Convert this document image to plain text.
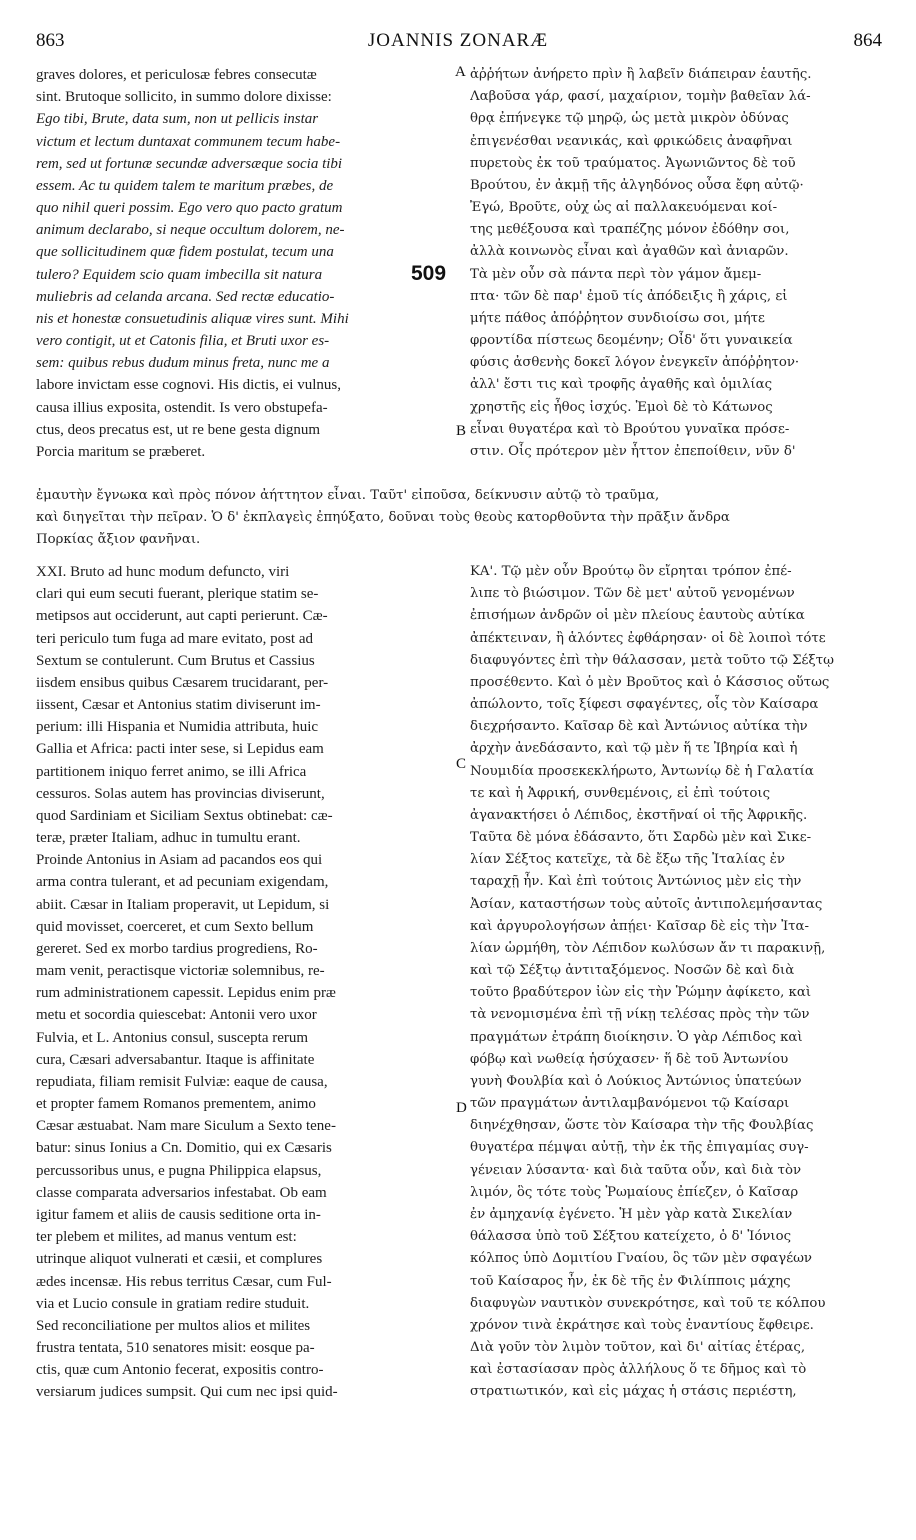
863	JOANNIS ZONARÆ	864
graves dolores, et periculosæ febres consecutæ
sint. Brutoque sollicito, in summo dolore dixisse:
Ego tibi, Brute, data sum, non ut pellicis instar
victum et lectum duntaxat communem tecum habe-
rem, sed ut fortunæ secundæ adversæque socia tibi
essem. Ac tu quidem talem te maritum præbes, de
quo nihil queri possim. Ego vero quo pacto gratum
animum declarabo, si neque occultum dolorem, ne-
que sollicitudinem quæ fidem postulat, tecum una
tulero? Equidem scio quam imbecilla sit natura
muliebris ad celanda arcana. Sed rectæ educatio-
nis et honestæ consuetudinis aliquæ vires sunt. Mihi
vero contigit, ut et Catonis filia, et Bruti uxor es-
sem: quibus rebus dudum minus freta, nunc me a
labore invictam esse cognovi. His dictis, ei vulnus,
causa illius exposita, ostendit. Is vero obstupefa-
ctus, deos precatus est, ut re bene gesta dignum
Porcia maritum se præberet.
ἀῤῥήτων ἀνήρετο πρὶν ἢ λαβεῖν διάπειραν ἑαυτῆς.
Λαβοῦσα γάρ, φασί, μαχαίριον, τομὴν βαθεῖαν λά-
θρᾳ ἐπήνεγκε τῷ μηρῷ, ὡς μετὰ μικρὸν ὀδύνας
ἐπιγενέσθαι νεανικάς, καὶ φρικώδεις ἀναφῆναι
πυρετοὺς ἐκ τοῦ τραύματος. Ἀγωνιῶντος δὲ τοῦ
Βρούτου, ἐν ἀκμῇ τῆς ἀλγηδόνος οὖσα ἔφη αὐτῷ·
Ἐγώ, Βροῦτε, οὐχ ὡς αἱ παλλακευόμεναι κοί-
της μεθέξουσα καὶ τραπέζης μόνον ἐδόθην σοι,
ἀλλὰ κοινωνὸς εἶναι καὶ ἀγαθῶν καὶ ἀνιαρῶν.
Τὰ μὲν οὖν σὰ πάντα περὶ τὸν γάμον ἄμεμ-
πτα· τῶν δὲ παρ' ἐμοῦ τίς ἀπόδειξις ἢ χάρις, εἰ
μήτε πάθος ἀπόῤῥητον συνδιοίσω σοι, μήτε
φροντίδα πίστεως δεομένην; Οἶδ' ὅτι γυναικεία
φύσις ἀσθενὴς δοκεῖ λόγον ἐνεγκεῖν ἀπόῤῥητον·
ἀλλ' ἔστι τις καὶ τροφῆς ἀγαθῆς καὶ ὁμιλίας
χρηστῆς εἰς ἦθος ἰσχύς. Ἐμοὶ δὲ τὸ Κάτωνος
εἶναι θυγατέρα καὶ τὸ Βρούτου γυναῖκα πρόσε-
στιν. Οἷς πρότερον μὲν ἧττον ἐπεποίθειν, νῦν δ'
ἐμαυτὴν ἔγνωκα καὶ πρὸς πόνον ἀήττητον εἶναι. Ταῦτ' εἰποῦσα, δείκνυσιν αὐτῷ τὸ τραῦμα,
καὶ διηγεῖται τὴν πεῖραν. Ὁ δ' ἐκπλαγεὶς ἐπηύξατο, δοῦναι τοὺς θεοὺς κατορθοῦντα τὴν πρᾶξιν ἄνδρα
Πορκίας ἄξιον φανῆναι.
XXI. Bruto ad hunc modum defuncto, viri
clari qui eum secuti fuerant, plerique statim se-
metipsos aut occiderunt, aut capti perierunt. Cæ-
teri periculo tum fuga ad mare evitato, post ad
Sextum se contulerunt. Cum Brutus et Cassius
iisdem ensibus quibus Cæsarem trucidarant, per-
iissent, Cæsar et Antonius statim diviserunt im-
perium: illi Hispania et Numidia attributa, huic
Gallia et Africa: pacti inter sese, si Lepidus eam
partitionem iniquo ferret animo, se illi Africa
cessuros. Solas autem has provincias diviserunt,
quod Sardiniam et Siciliam Sextus obtinebat: cæ-
teræ, præter Italiam, adhuc in tumultu erant.
Proinde Antonius in Asiam ad pacandos eos qui
arma contra tulerant, et ad pecuniam exigendam,
abiit. Cæsar in Italiam properavit, ut Lepidum, si
quid movisset, coerceret, et cum Sexto bellum
gereret. Sed ex morbo tardius progrediens, Ro-
mam venit, peractisque victoriæ solemnibus, re-
rum administrationem capessit. Lepidus enim præ
metu et socordia quiescebat: Antonii vero uxor
Fulvia, et L. Antonius consul, suscepta rerum
cura, Cæsari adversabantur. Itaque is affinitate
repudiata, filiam remisit Fulviæ: eaque de causa,
et propter famem Romanos prementem, animo
Cæsar æstuabat. Nam mare Siculum a Sexto tene-
batur: sinus Ionius a Cn. Domitio, qui ex Cæsaris
percussoribus unus, e pugna Philippica elapsus,
classe comparata adversarios infestabat. Ob eam
igitur famem et aliis de causis seditione orta in-
ter plebem et milites, ad manus ventum est:
utrinque aliquot vulnerati et cæsii, et complures
ædes incensæ. His rebus territus Cæsar, cum Ful-
via et Lucio consule in gratiam redire studuit.
Sed reconciliatione per multos alios et milites
frustra tentata, 510 senatores misit: eosque pa-
ctis, quæ cum Antonio fecerat, expositis contro-
versiarum judices sumpsit. Qui cum nec ipsi quid-
ΚΑ'. Τῷ μὲν οὖν Βρούτῳ ὃν εἴρηται τρόπον ἐπέ-
λιπε τὸ βιώσιμον. Τῶν δὲ μετ' αὐτοῦ γενομένων
ἐπισήμων ἀνδρῶν οἱ μὲν πλείους ἑαυτοὺς αὐτίκα
ἀπέκτειναν, ἢ ἁλόντες ἐφθάρησαν· οἱ δὲ λοιποὶ τότε
διαφυγόντες ἐπὶ τὴν θάλασσαν, μετὰ τοῦτο τῷ Σέξτῳ
προσέθεντο. Καὶ ὁ μὲν Βροῦτος καὶ ὁ Κάσσιος οὕτως
ἀπώλοντο, τοῖς ξίφεσι σφαγέντες, οἷς τὸν Καίσαρα
διεχρήσαντο. Καῖσαρ δὲ καὶ Ἀντώνιος αὐτίκα τὴν
ἀρχὴν ἀνεδάσαντο, καὶ τῷ μὲν ἥ τε Ἰβηρία καὶ ἡ
Νουμιδία προσεκεκλήρωτο, Ἀντωνίῳ δὲ ἡ Γαλατία
τε καὶ ἡ Ἀφρική, συνθεμένοις, εἰ ἐπὶ τούτοις
ἀγανακτήσει ὁ Λέπιδος, ἐκστῆναί οἱ τῆς Ἀφρικῆς.
Ταῦτα δὲ μόνα ἐδάσαντο, ὅτι Σαρδὼ μὲν καὶ Σικε-
λίαν Σέξτος κατεῖχε, τὰ δὲ ἔξω τῆς Ἰταλίας ἐν
ταραχῇ ἦν. Καὶ ἐπὶ τούτοις Ἀντώνιος μὲν εἰς τὴν
Ἀσίαν, καταστήσων τοὺς αὐτοῖς ἀντιπολεμήσαντας
καὶ ἀργυρολογήσων ἀπῄει· Καῖσαρ δὲ εἰς τὴν Ἰτα-
λίαν ὡρμήθη, τὸν Λέπιδον κωλύσων ἄν τι παρακινῇ,
καὶ τῷ Σέξτῳ ἀντιταξόμενος. Νοσῶν δὲ καὶ διὰ
τοῦτο βραδύτερον ἰὼν εἰς τὴν Ῥώμην ἀφίκετο, καὶ
τὰ νενομισμένα ἐπὶ τῇ νίκῃ τελέσας πρὸς τὴν τῶν
πραγμάτων ἐτράπη διοίκησιν. Ὁ γὰρ Λέπιδος καὶ
φόβῳ καὶ νωθείᾳ ἡσύχασεν· ἥ δὲ τοῦ Ἀντωνίου
γυνὴ Φουλβία καὶ ὁ Λούκιος Ἀντώνιος ὑπατεύων
τῶν πραγμάτων ἀντιλαμβανόμενοι τῷ Καίσαρι
διηνέχθησαν, ὥστε τὸν Καίσαρα τὴν τῆς Φουλβίας
θυγατέρα πέμψαι αὐτῇ, τὴν ἐκ τῆς ἐπιγαμίας συγ-
γένειαν λύσαντα· καὶ διὰ ταῦτα οὖν, καὶ διὰ τὸν
λιμόν, ὃς τότε τοὺς Ῥωμαίους ἐπίεζεν, ὁ Καῖσαρ
ἐν ἀμηχανίᾳ ἐγένετο. Ἡ μὲν γὰρ κατὰ Σικελίαν
θάλασσα ὑπὸ τοῦ Σέξτου κατείχετο, ὁ δ' Ἰόνιος
κόλπος ὑπὸ Δομιτίου Γναίου, ὃς τῶν μὲν σφαγέων
τοῦ Καίσαρος ἦν, ἐκ δὲ τῆς ἐν Φιλίπποις μάχης
διαφυγὼν ναυτικὸν συνεκρότησε, καὶ τοῦ τε κόλπου
χρόνον τινὰ ἐκράτησε καὶ τοὺς ἐναντίους ἔφθειρε.
Διὰ γοῦν τὸν λιμὸν τοῦτον, καὶ δι' αἰτίας ἑτέρας,
καὶ ἐστασίασαν πρὸς ἀλλήλους ὅ τε δῆμος καὶ τὸ
στρατιωτικόν, καὶ εἰς μάχας ἡ στάσις περιέστη,
A
B
C
D
509
